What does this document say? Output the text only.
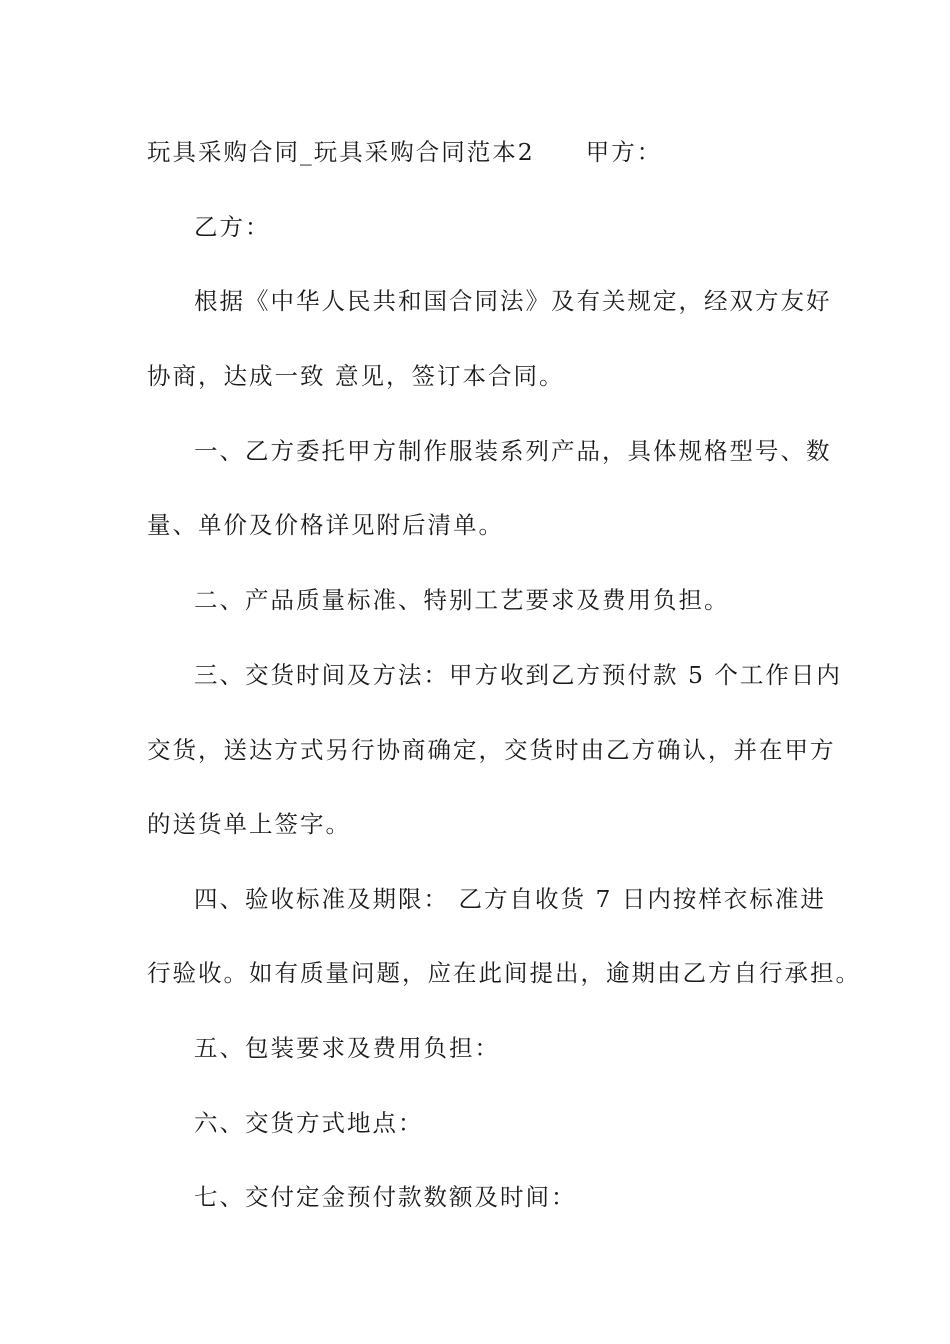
玩具采购合同_玩具采购合同范本2　　甲方：
乙方：
根据《中华人民共和国合同法》及有关规定，经双方友好
协商，达成一致 意见，签订本合同。
一、乙方委托甲方制作服装系列产品，具体规格型号、数
量、单价及价格详见附后清单。
二、产品质量标准、特别工艺要求及费用负担。
三、交货时间及方法：甲方收到乙方预付款 5 个工作日内
交货，送达方式另行协商确定，交货时由乙方确认，并在甲方
的送货单上签字。
四、验收标准及期限： 乙方自收货 7 日内按样衣标准进
行验收。如有质量问题，应在此间提出，逾期由乙方自行承担。
五、包装要求及费用负担：
六、交货方式地点：
七、交付定金预付款数额及时间：
